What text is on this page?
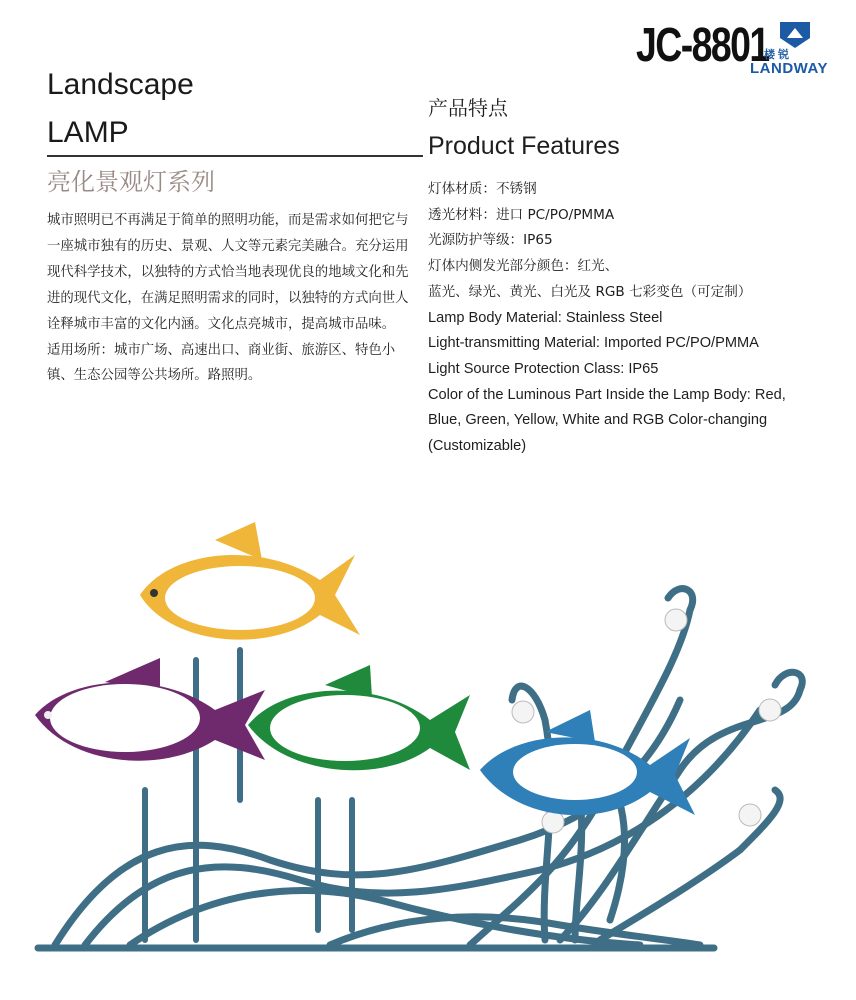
JC-8801
楼 锐
LANDWAY
Landscape
LAMP
亮化景观灯系列

城市照明已不再满足于简单的照明功能，而是需求如何把它与一座城市独有的历史、景观、人文等元素完美融合。充分运用现代科学技术，以独特的方式恰当地表现优良的地域文化和先进的现代文化，在满足照明需求的同时，以独特的方式向世人诠释城市丰富的文化内涵。文化点亮城市，提高城市品味。

适用场所：城市广场、高速出口、商业街、旅游区、特色小镇、生态公园等公共场所。路照明。

产品特点
Product Features
灯体材质：不锈钢
透光材料：进口 PC/PO/PMMA
光源防护等级：IP65
灯体内侧发光部分颜色：红光、
蓝光、绿光、黄光、白光及 RGB 七彩变色（可定制）
Lamp Body Material: Stainless Steel
Light-transmitting Material: Imported PC/PO/PMMA
Light Source Protection Class: IP65
Color of the Luminous Part Inside the Lamp Body: Red,
Blue, Green, Yellow, White and RGB Color-changing
(Customizable)
